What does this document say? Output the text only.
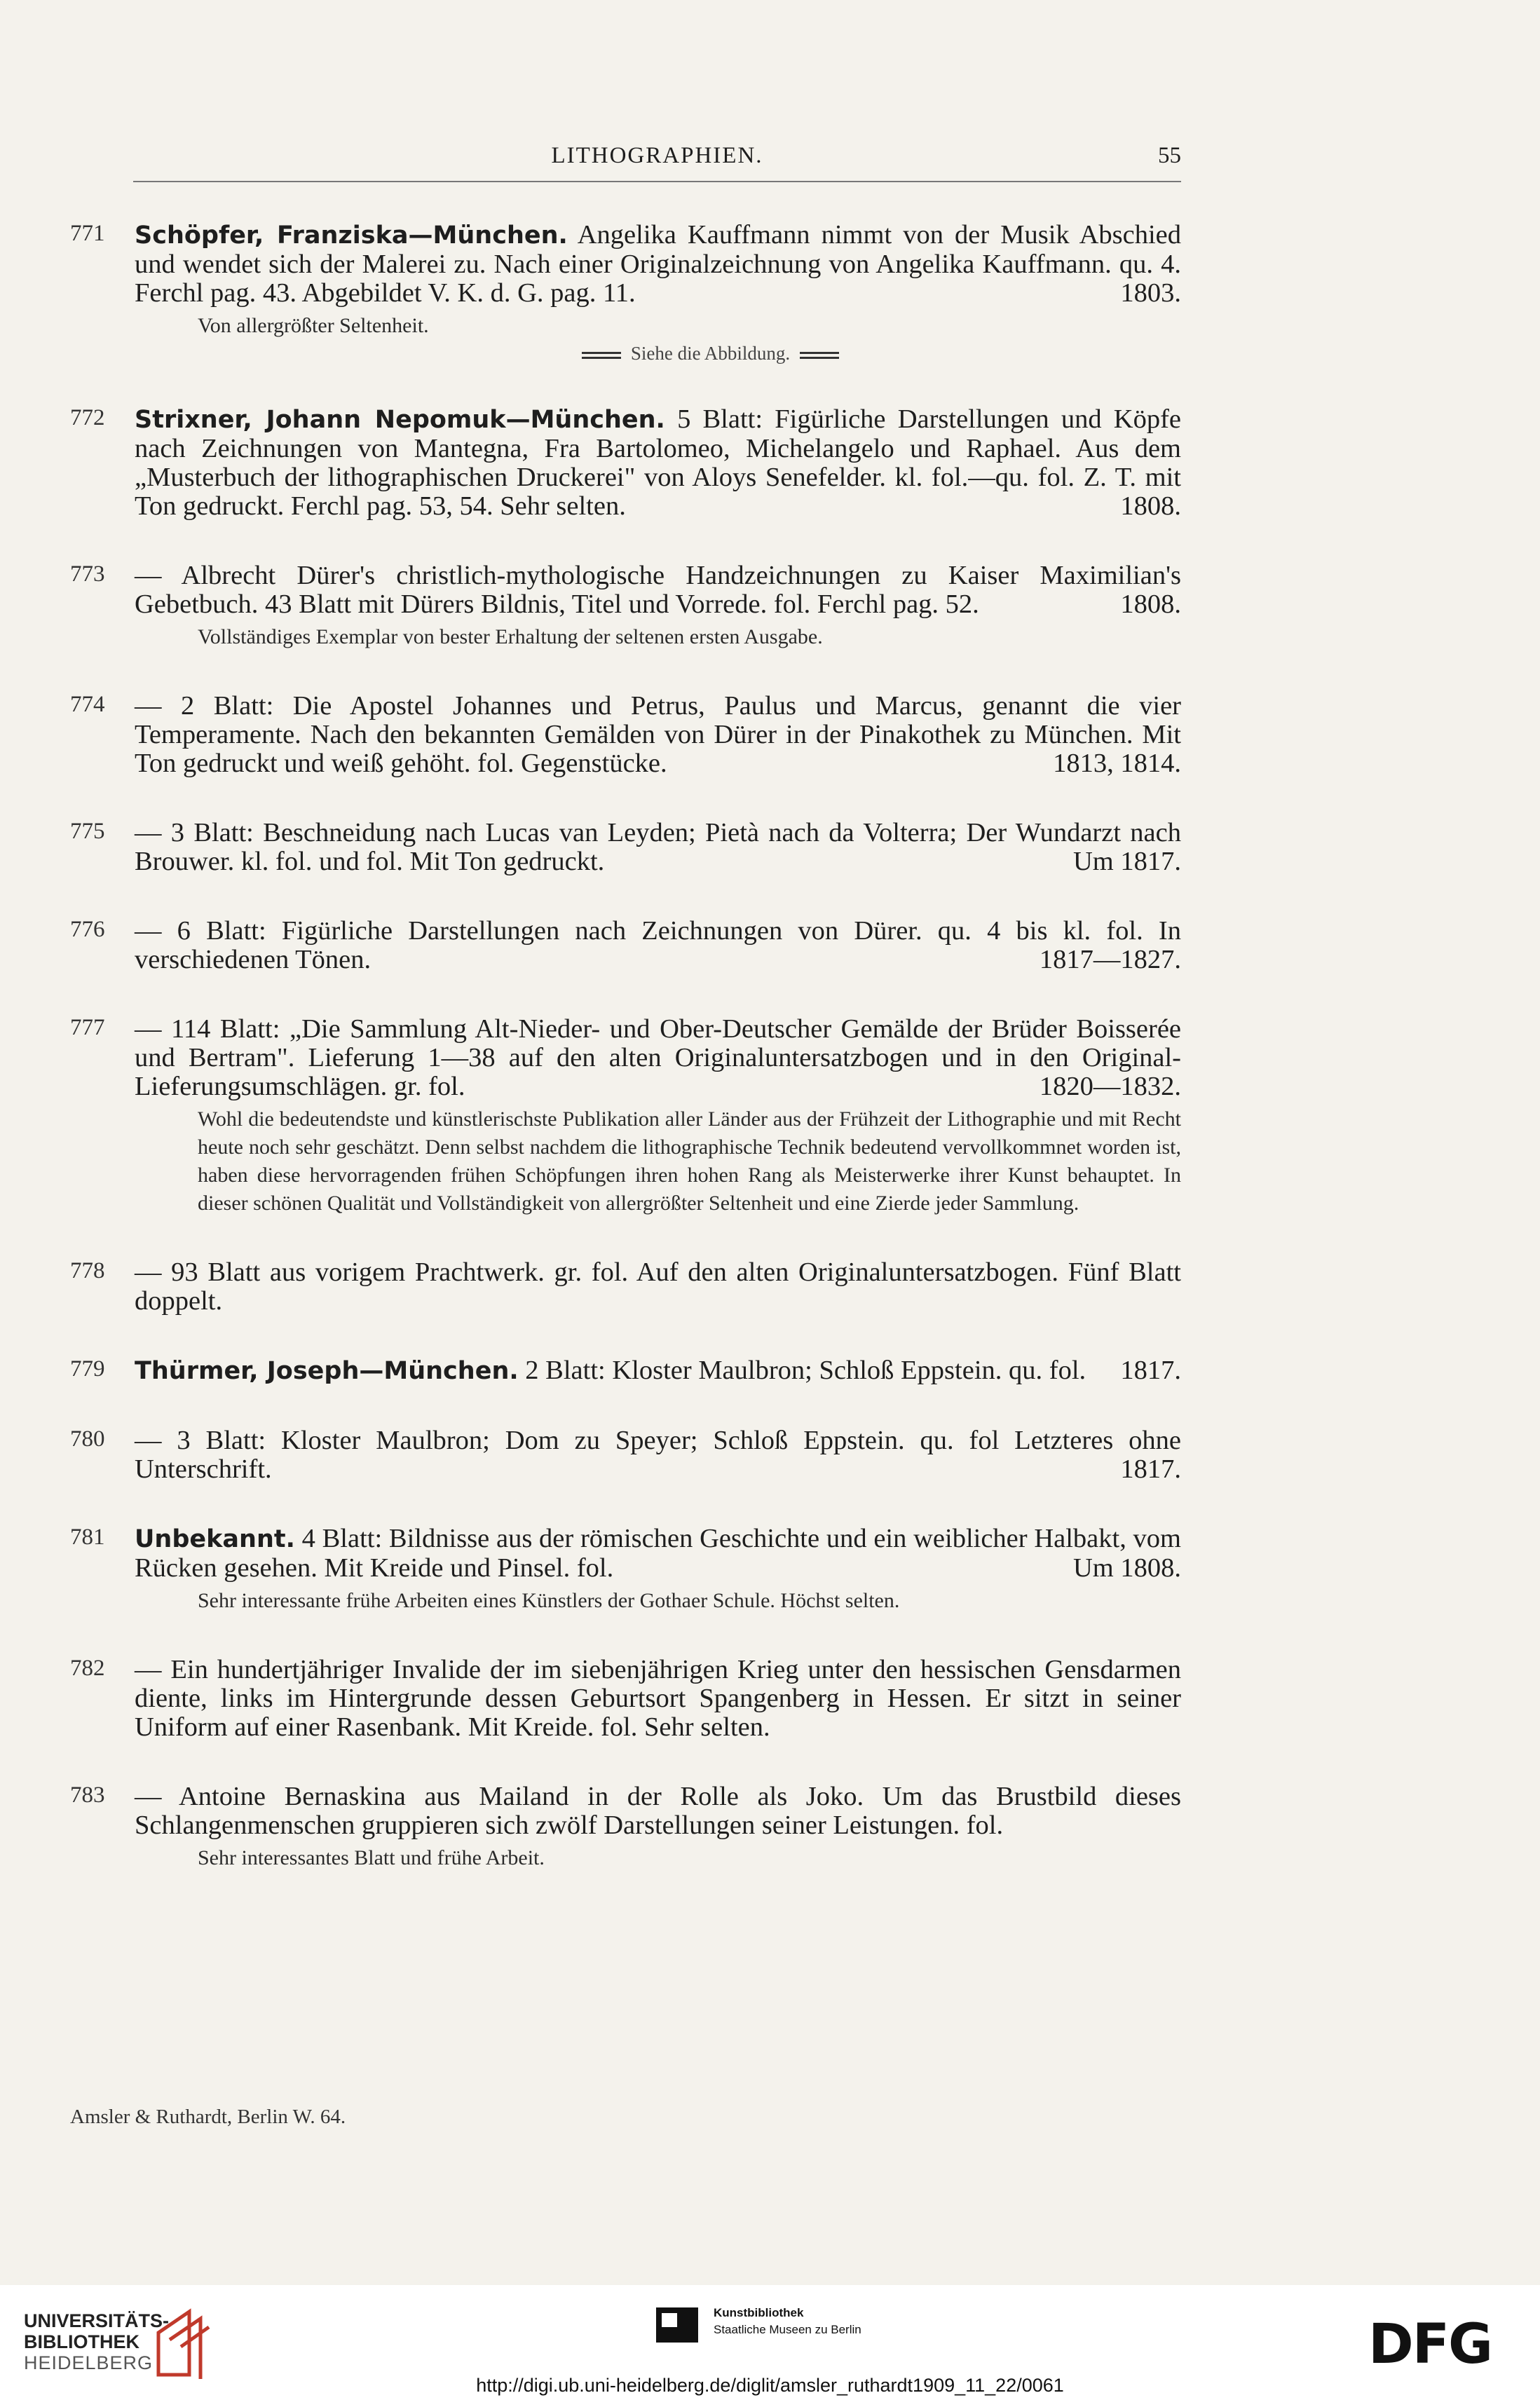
LITHOGRAPHIEN.	55
771 Schöpfer, Franziska—München. Angelika Kauffmann nimmt von der Musik Abschied und wendet sich der Malerei zu. Nach einer Originalzeichnung von Angelika Kauffmann. qu. 4. Ferchl pag. 43. Abgebildet V. K. d. G. pag. 11.	1803.
Von allergrößter Seltenheit.
Siehe die Abbildung.
772 Strixner, Johann Nepomuk—München. 5 Blatt: Figürliche Darstellungen und Köpfe nach Zeichnungen von Mantegna, Fra Bartolomeo, Michelangelo und Raphael. Aus dem „Musterbuch der lithographischen Druckerei" von Aloys Senefelder. kl. fol.—qu. fol. Z. T. mit Ton gedruckt. Ferchl pag. 53, 54. Sehr selten.	1808.
773 — Albrecht Dürer's christlich-mythologische Handzeichnungen zu Kaiser Maximilian's Gebetbuch. 43 Blatt mit Dürers Bildnis, Titel und Vorrede. fol. Ferchl pag. 52.	1808.
Vollständiges Exemplar von bester Erhaltung der seltenen ersten Ausgabe.
774 — 2 Blatt: Die Apostel Johannes und Petrus, Paulus und Marcus, genannt die vier Temperamente. Nach den bekannten Gemälden von Dürer in der Pinakothek zu München. Mit Ton gedruckt und weiß gehöht. fol. Gegenstücke.	1813, 1814.
775 — 3 Blatt: Beschneidung nach Lucas van Leyden; Pietà nach da Volterra; Der Wundarzt nach Brouwer. kl. fol. und fol. Mit Ton gedruckt.	Um 1817.
776 — 6 Blatt: Figürliche Darstellungen nach Zeichnungen von Dürer. qu. 4 bis kl. fol. In verschiedenen Tönen.	1817—1827.
777 — 114 Blatt: „Die Sammlung Alt-Nieder- und Ober-Deutscher Gemälde der Brüder Boisserée und Bertram". Lieferung 1—38 auf den alten Originaluntersatzbogen und in den Original-Lieferungsumschlägen. gr. fol.	1820—1832.
Wohl die bedeutendste und künstlerischste Publikation aller Länder aus der Frühzeit der Lithographie und mit Recht heute noch sehr geschätzt. Denn selbst nachdem die lithographische Technik bedeutend vervollkommnet worden ist, haben diese hervorragenden frühen Schöpfungen ihren hohen Rang als Meisterwerke ihrer Kunst behauptet. In dieser schönen Qualität und Vollständigkeit von allergrößter Seltenheit und eine Zierde jeder Sammlung.
778 — 93 Blatt aus vorigem Prachtwerk. gr. fol. Auf den alten Originaluntersatzbogen. Fünf Blatt doppelt.
779 Thürmer, Joseph—München. 2 Blatt: Kloster Maulbron; Schloß Eppstein. qu. fol. 1817.
780 — 3 Blatt: Kloster Maulbron; Dom zu Speyer; Schloß Eppstein. qu. fol Letzteres ohne Unterschrift.	1817.
781 Unbekannt. 4 Blatt: Bildnisse aus der römischen Geschichte und ein weiblicher Halbakt, vom Rücken gesehen. Mit Kreide und Pinsel. fol.	Um 1808.
Sehr interessante frühe Arbeiten eines Künstlers der Gothaer Schule. Höchst selten.
782 — Ein hundertjähriger Invalide der im siebenjährigen Krieg unter den hessischen Gensdarmen diente, links im Hintergrunde dessen Geburtsort Spangenberg in Hessen. Er sitzt in seiner Uniform auf einer Rasenbank. Mit Kreide. fol. Sehr selten.
783 — Antoine Bernaskina aus Mailand in der Rolle als Joko. Um das Brustbild dieses Schlangenmenschen gruppieren sich zwölf Darstellungen seiner Leistungen. fol.
Sehr interessantes Blatt und frühe Arbeit.
Amsler & Ruthardt, Berlin W. 64.
UNIVERSITÄTS-
BIBLIOTHEK
HEIDELBERG
Kunstbibliothek
Staatliche Museen zu Berlin	DFG
http://digi.ub.uni-heidelberg.de/diglit/amsler_ruthardt1909_11_22/0061
